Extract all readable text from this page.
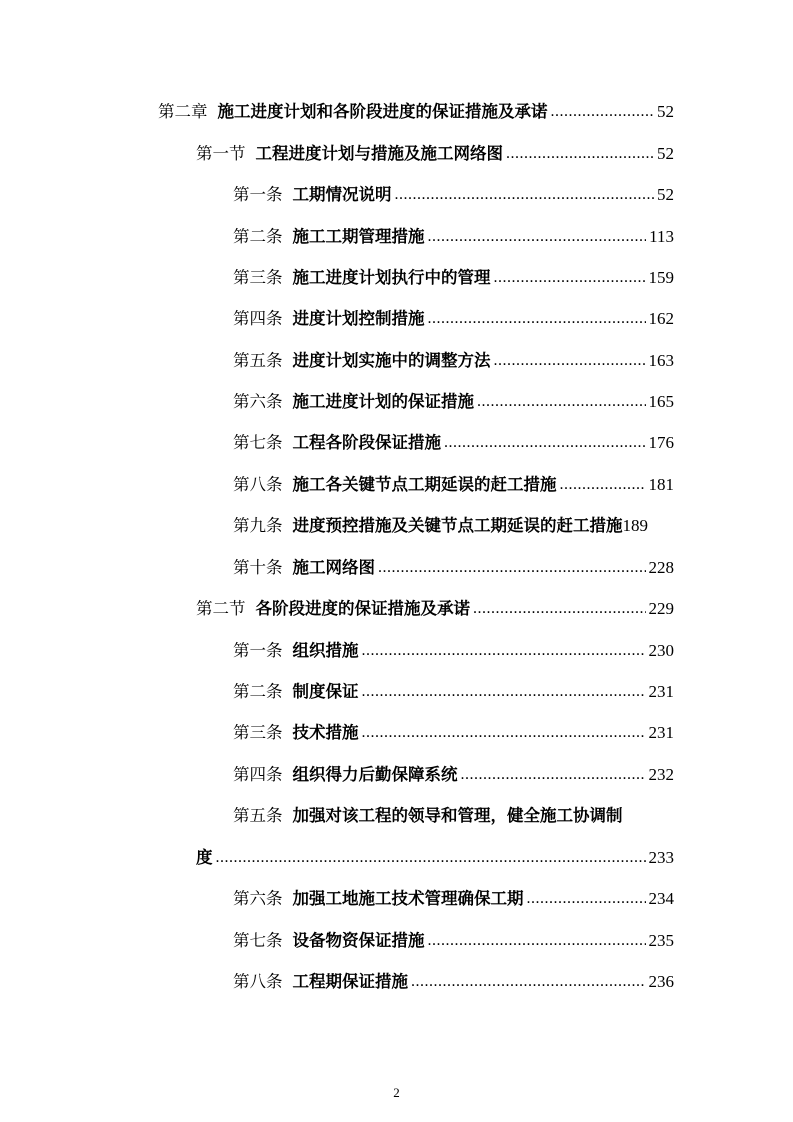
第二章 施工进度计划和各阶段进度的保证措施及承诺 .....	52
第一节 工程进度计划与措施及施工网络图 .....	52
第一条 工期情况说明 .....	52
第二条 施工工期管理措施 .....	113
第三条 施工进度计划执行中的管理 .....	159
第四条 进度计划控制措施 .....	162
第五条 进度计划实施中的调整方法 .....	163
第六条 施工进度计划的保证措施 .....	165
第七条 工程各阶段保证措施 .....	176
第八条 施工各关键节点工期延误的赶工措施 .....	181
第九条 进度预控措施及关键节点工期延误的赶工措施 189
第十条 施工网络图 .....	228
第二节 各阶段进度的保证措施及承诺 .....	229
第一条 组织措施 .....	230
第二条 制度保证 .....	231
第三条 技术措施 .....	231
第四条 组织得力后勤保障系统 .....	232
第五条 加强对该工程的领导和管理，健全施工协调制
度 .....	233
第六条 加强工地施工技术管理确保工期 .....	234
第七条 设备物资保证措施 .....	235
第八条 工程期保证措施 .....	236
2
